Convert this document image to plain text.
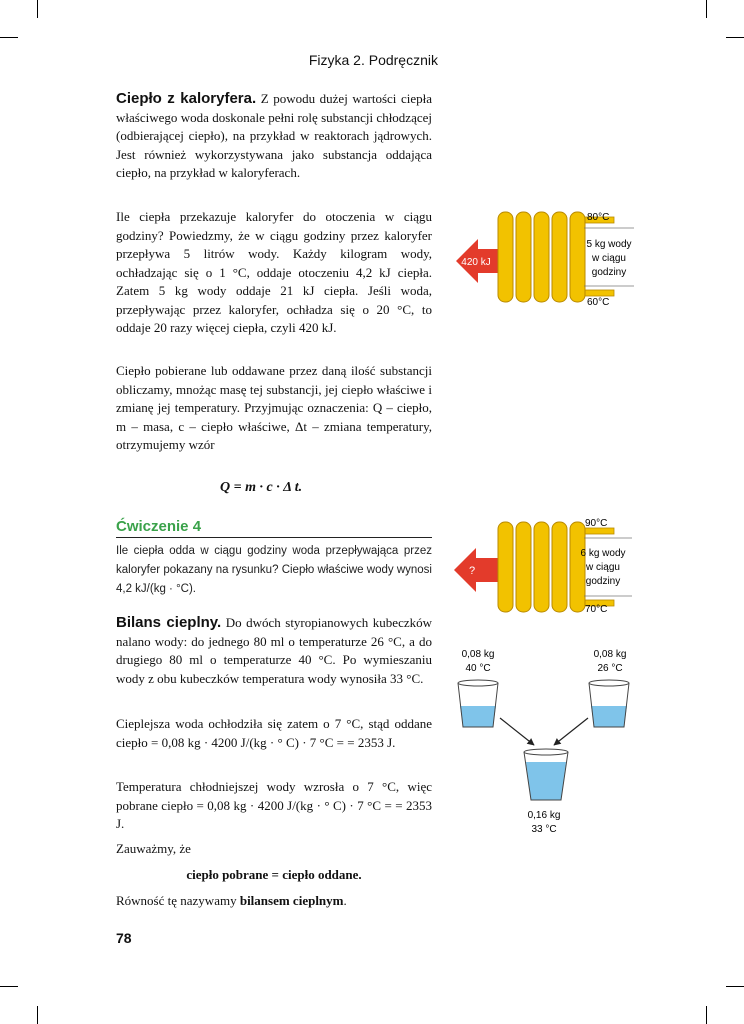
Fizyka 2. Podręcznik

Ciepło z kaloryfera. Z powodu dużej wartości ciepła właściwego woda doskonale pełni rolę substancji chłodzącej (odbierającej ciepło), na przykład w reaktorach jądrowych. Jest również wykorzystywana jako substancja oddająca ciepło, na przykład w kaloryferach.

Ile ciepła przekazuje kaloryfer do otoczenia w ciągu godziny? Powiedzmy, że w ciągu godziny przez kaloryfer przepływa 5 litrów wody. Każdy kilogram wody, ochładzając się o 1 °C, oddaje otoczeniu 4,2 kJ ciepła. Zatem 5 kg wody oddaje 21 kJ ciepła. Jeśli woda, przepływając przez kaloryfer, ochładza się o 20 °C, to oddaje 20 razy więcej ciepła, czyli 420 kJ.

Ciepło pobierane lub oddawane przez daną ilość substancji obliczamy, mnożąc masę tej substancji, jej ciepło właściwe i zmianę jej temperatury. Przyjmując oznaczenia: Q – ciepło, m – masa, c – ciepło właściwe, Δt – zmiana temperatury, otrzymujemy wzór

Q = m · c · Δ t.
Ćwiczenie 4
Ile ciepła odda w ciągu godziny woda przepływająca przez kaloryfer pokazany na rysunku? Ciepło właściwe wody wynosi 4,2 kJ/(kg · °C).

Bilans cieplny. Do dwóch styropianowych kubeczków nalano wody: do jednego 80 ml o temperaturze 26 °C, a do drugiego 80 ml o temperaturze 40 °C. Po wymieszaniu wody z obu kubeczków temperatura wody wynosiła 33 °C.

Cieplejsza woda ochłodziła się zatem o 7 °C, stąd oddane ciepło = 0,08 kg · 4200 J/(kg · ° C) · 7 °C = = 2353 J.

Temperatura chłodniejszej wody wzrosła o 7 °C, więc pobrane ciepło = 0,08 kg · 4200 J/(kg · ° C) · 7 °C = = 2353 J.

Zauważmy, że

ciepło pobrane = ciepło oddane.

Równość tę nazywamy bilansem cieplnym.

78
420 kJ
80°C
5 kg wody
w ciągu
godziny
60°C
?
90°C
6 kg wody
w ciągu
godziny
70°C
0,08 kg
40 °C
0,08 kg
26 °C
0,16 kg
33 °C
